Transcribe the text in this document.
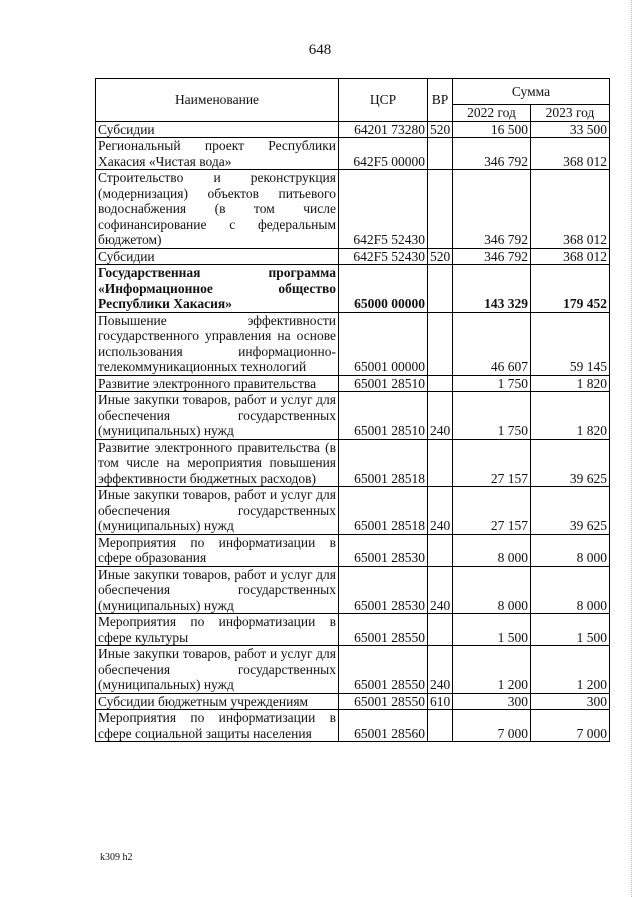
648
Наименование	ЦСР	ВР	Сумма	
			2022 год	2023 год
Субсидии	64201 73280	520	16 500	33 500
Региональный проект Республики Хакасия «Чистая вода»	642F5 00000		346 792	368 012
Строительство и реконструкция (модернизация) объектов питьевого водоснабжения (в том числе софинансирование с федеральным бюджетом)	642F5 52430		346 792	368 012
Субсидии	642F5 52430	520	346 792	368 012
Государственная программа «Информационное общество Республики Хакасия»	65000 00000		143 329	179 452
Повышение эффективности государственного управления на основе использования информационно-телекоммуникационных технологий	65001 00000		46 607	59 145
Развитие электронного правительства	65001 28510		1 750	1 820
Иные закупки товаров, работ и услуг для обеспечения государственных (муниципальных) нужд	65001 28510	240	1 750	1 820
Развитие электронного правительства (в том числе на мероприятия повышения эффективности бюджетных расходов)	65001 28518		27 157	39 625
Иные закупки товаров, работ и услуг для обеспечения государственных (муниципальных) нужд	65001 28518	240	27 157	39 625
Мероприятия по информатизации в сфере образования	65001 28530		8 000	8 000
Иные закупки товаров, работ и услуг для обеспечения государственных (муниципальных) нужд	65001 28530	240	8 000	8 000
Мероприятия по информатизации в сфере культуры	65001 28550		1 500	1 500
Иные закупки товаров, работ и услуг для обеспечения государственных (муниципальных) нужд	65001 28550	240	1 200	1 200
Субсидии бюджетным учреждениям	65001 28550	610	300	300
Мероприятия по информатизации в сфере социальной защиты населения	65001 28560		7 000	7 000
k309 h2
